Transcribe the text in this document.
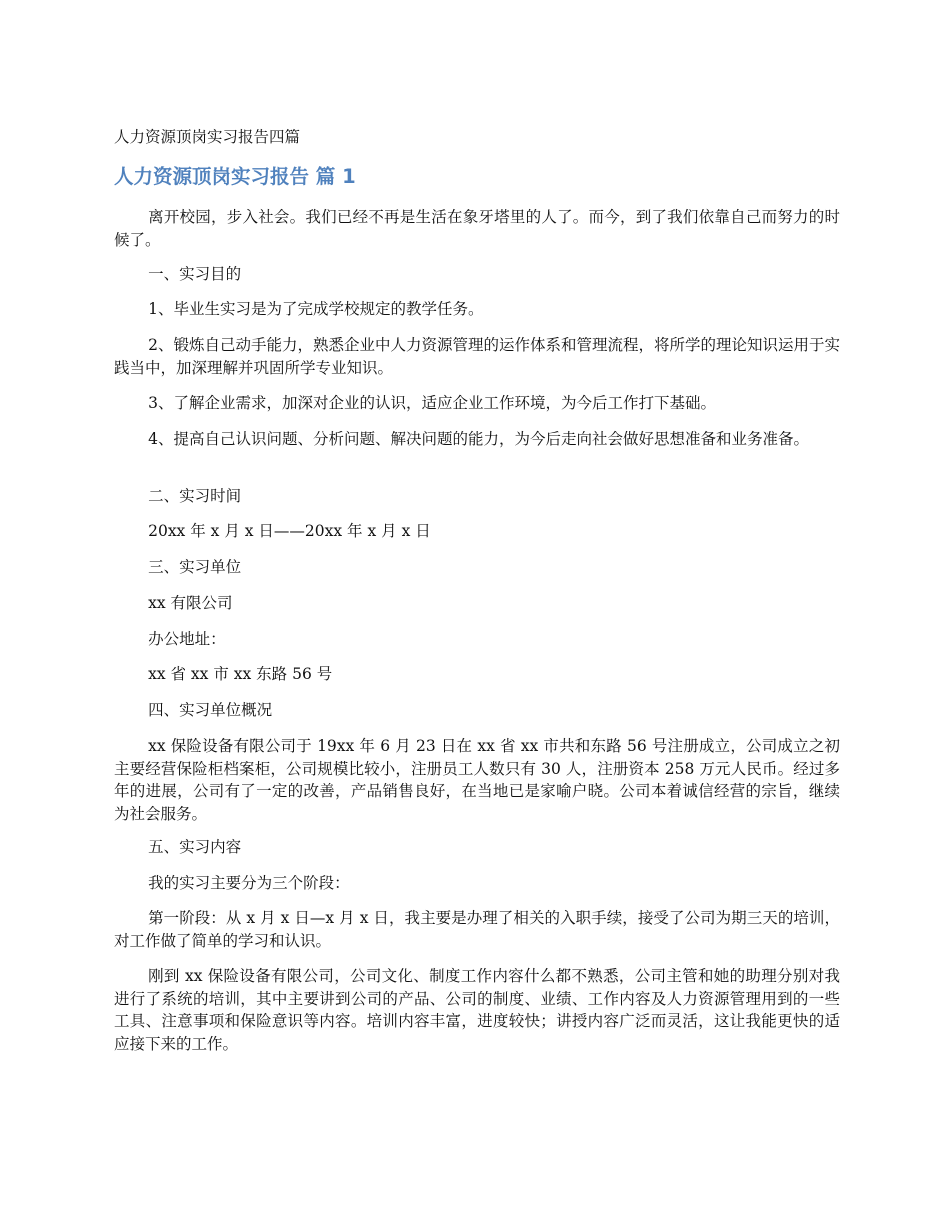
人力资源顶岗实习报告四篇
人力资源顶岗实习报告 篇 1
离开校园，步入社会。我们已经不再是生活在象牙塔里的人了。而今，到了我们依靠自己而努力的时候了。
一、实习目的
1、毕业生实习是为了完成学校规定的教学任务。
2、锻炼自己动手能力，熟悉企业中人力资源管理的运作体系和管理流程，将所学的理论知识运用于实践当中，加深理解并巩固所学专业知识。
3、了解企业需求，加深对企业的认识，适应企业工作环境，为今后工作打下基础。
4、提高自己认识问题、分析问题、解决问题的能力，为今后走向社会做好思想准备和业务准备。
二、实习时间
20xx 年 x 月 x 日——20xx 年 x 月 x 日
三、实习单位
xx 有限公司
办公地址：
xx 省 xx 市 xx 东路 56 号
四、实习单位概况
xx 保险设备有限公司于 19xx 年 6 月 23 日在 xx 省 xx 市共和东路 56 号注册成立，公司成立之初主要经营保险柜档案柜，公司规模比较小，注册员工人数只有 30 人，注册资本 258 万元人民币。经过多年的进展，公司有了一定的改善，产品销售良好，在当地已是家喻户晓。公司本着诚信经营的宗旨，继续为社会服务。
五、实习内容
我的实习主要分为三个阶段：
第一阶段：从 x 月 x 日—x 月 x 日，我主要是办理了相关的入职手续，接受了公司为期三天的培训，对工作做了简单的学习和认识。
刚到 xx 保险设备有限公司，公司文化、制度工作内容什么都不熟悉，公司主管和她的助理分别对我进行了系统的培训，其中主要讲到公司的产品、公司的制度、业绩、工作内容及人力资源管理用到的一些工具、注意事项和保险意识等内容。培训内容丰富，进度较快；讲授内容广泛而灵活，这让我能更快的适应接下来的工作。
